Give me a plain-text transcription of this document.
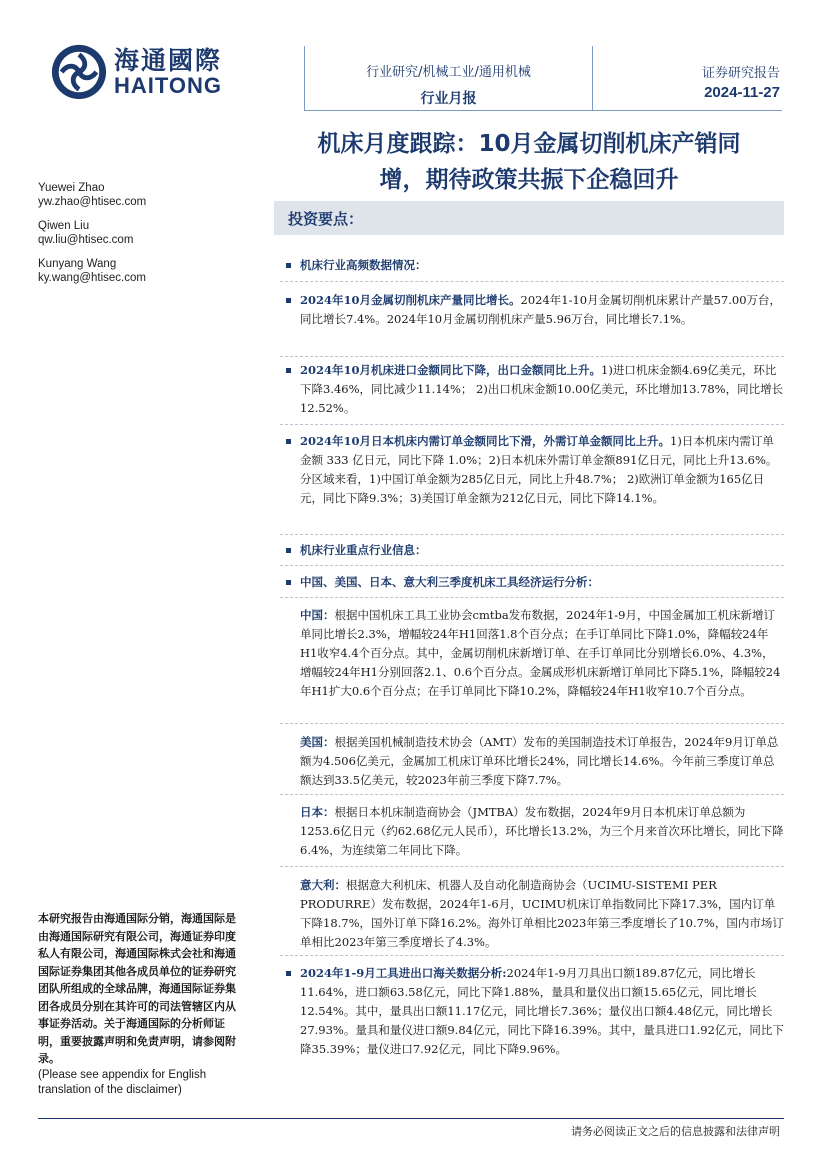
海通國際
HAITONG
行业研究/机械工业/通用机械
行业月报
证券研究报告
2024-11-27
机床月度跟踪：10月金属切削机床产销同
增，期待政策共振下企稳回升
Yuewei Zhao
yw.zhao@htisec.com
Qiwen Liu
qw.liu@htisec.com
Kunyang Wang
ky.wang@htisec.com
投资要点：
机床行业高频数据情况：
2024年10月金属切削机床产量同比增长。2024年1-10月金属切削机床累计产量57.00万台，同比增长7.4%。2024年10月金属切削机床产量5.96万台，同比增长7.1%。
2024年10月机床进口金额同比下降，出口金额同比上升。1)进口机床金额4.69亿美元，环比下降3.46%，同比减少11.14%； 2)出口机床金额10.00亿美元，环比增加13.78%，同比增长12.52%。
2024年10月日本机床内需订单金额同比下滑，外需订单金额同比上升。1)日本机床内需订单金额 333 亿日元，同比下降 1.0%；2)日本机床外需订单金额891亿日元，同比上升13.6%。分区域来看，1)中国订单金额为285亿日元，同比上升48.7%； 2)欧洲订单金额为165亿日元，同比下降9.3%；3)美国订单金额为212亿日元，同比下降14.1%。
机床行业重点行业信息：
中国、美国、日本、意大利三季度机床工具经济运行分析：
中国：根据中国机床工具工业协会cmtba发布数据，2024年1-9月，中国金属加工机床新增订单同比增长2.3%，增幅较24年H1回落1.8个百分点；在手订单同比下降1.0%，降幅较24年H1收窄4.4个百分点。其中，金属切削机床新增订单、在手订单同比分别增长6.0%、4.3%，增幅较24年H1分别回落2.1、0.6个百分点。金属成形机床新增订单同比下降5.1%，降幅较24年H1扩大0.6个百分点；在手订单同比下降10.2%，降幅较24年H1收窄10.7个百分点。
美国：根据美国机械制造技术协会（AMT）发布的美国制造技术订单报告，2024年9月订单总额为4.506亿美元，金属加工机床订单环比增长24%，同比增长14.6%。今年前三季度订单总额达到33.5亿美元，较2023年前三季度下降7.7%。
日本：根据日本机床制造商协会（JMTBA）发布数据，2024年9月日本机床订单总额为1253.6亿日元（约62.68亿元人民币），环比增长13.2%，为三个月来首次环比增长，同比下降6.4%，为连续第二年同比下降。
意大利：根据意大利机床、机器人及自动化制造商协会（UCIMU-SISTEMI PER PRODURRE）发布数据，2024年1-6月，UCIMU机床订单指数同比下降17.3%，国内订单下降18.7%，国外订单下降16.2%。海外订单相比2023年第三季度增长了10.7%，国内市场订单相比2023年第三季度增长了4.3%。
2024年1-9月工具进出口海关数据分析:2024年1-9月刀具出口额189.87亿元，同比增长11.64%，进口额63.58亿元，同比下降1.88%，量具和量仪出口额15.65亿元，同比增长12.54%。其中，量具出口额11.17亿元，同比增长7.36%；量仪出口额4.48亿元，同比增长27.93%。量具和量仪进口额9.84亿元，同比下降16.39%。其中，量具进口1.92亿元，同比下降35.39%；量仪进口7.92亿元，同比下降9.96%。
本研究报告由海通国际分销，海通国际是由海通国际研究有限公司，海通证券印度私人有限公司，海通国际株式会社和海通国际证券集团其他各成员单位的证券研究团队所组成的全球品牌，海通国际证券集团各成员分别在其许可的司法管辖区内从事证券活动。关于海通国际的分析师证明，重要披露声明和免责声明，请参阅附录。
(Please see appendix for English translation of the disclaimer)
请务必阅读正文之后的信息披露和法律声明
